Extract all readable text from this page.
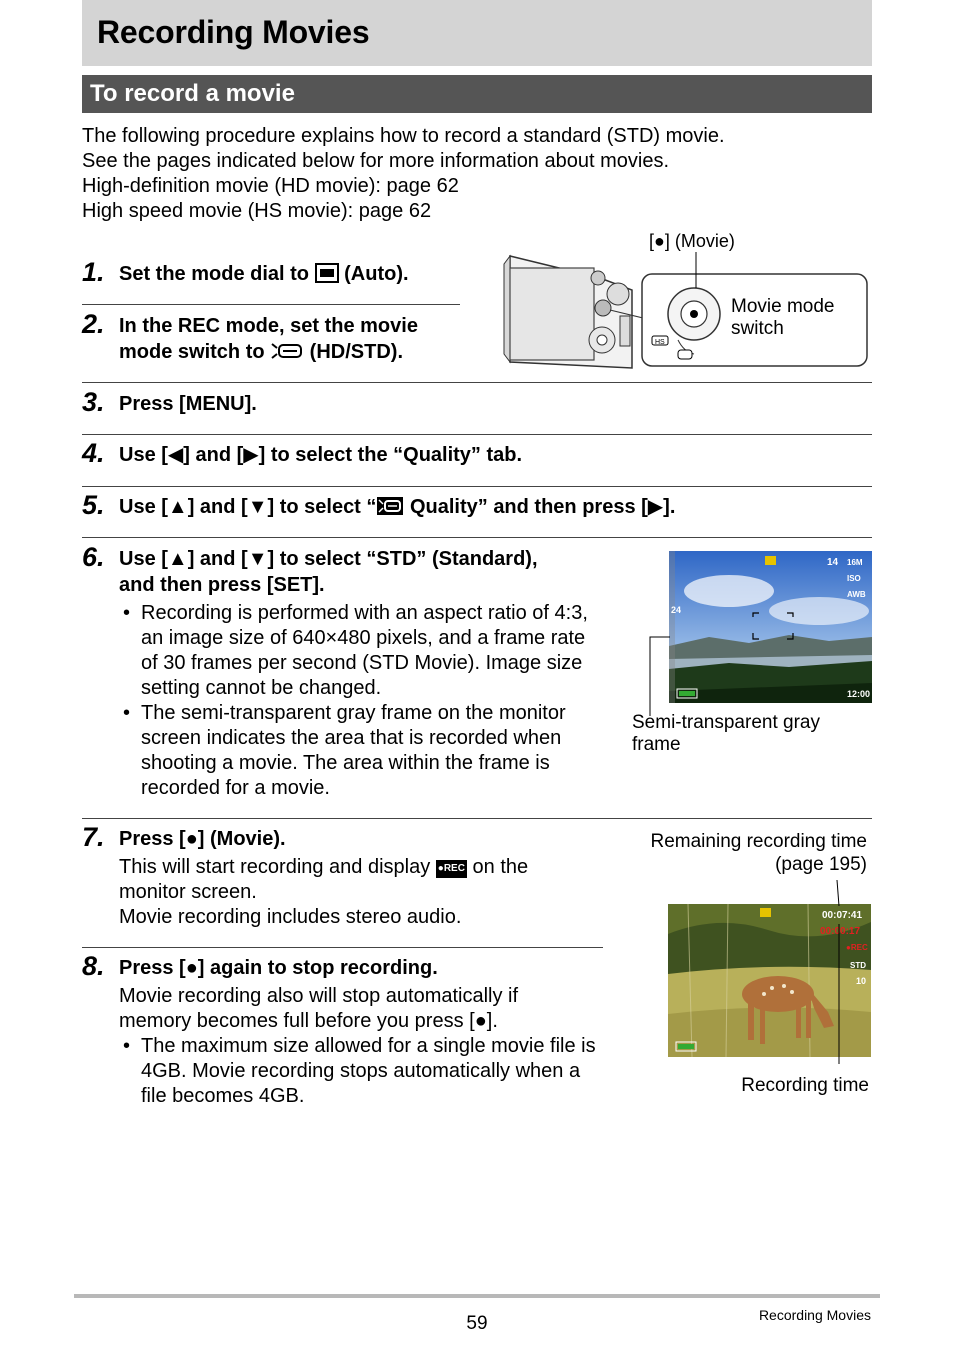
Recording Movies
To record a movie
The following procedure explains how to record a standard (STD) movie.
See the pages indicated below for more information about movies.
High-definition movie (HD movie): page 62
High speed movie (HS movie): page 62
1. Set the mode dial to
(Auto).
2. In the REC mode, set the movie
mode switch to  (HD/STD).
[●] (Movie)
HS
Movie mode
switch
3. Press [MENU].
4. Use [◀] and [▶] to select the “Quality” tab.
5. Use [▲] and [▼] to select “ Quality” and then press [▶].
6. Use [▲] and [▼] to select “STD” (Standard),
and then press [SET].
• Recording is performed with an aspect ratio of 4:3, an image size of 640×480 pixels, and a frame rate of 30 frames per second (STD Movie). Image size setting cannot be changed.
• The semi-transparent gray frame on the monitor screen indicates the area that is recorded when shooting a movie. The area within the frame is recorded for a movie.
14 16M
ISO
AWB
24
12:00
Semi-transparent gray
frame
7. Press [●] (Movie).
This will start recording and display ●REC on the
monitor screen.
Movie recording includes stereo audio.
8. Press [●] again to stop recording.
Movie recording also will stop automatically if
memory becomes full before you press [●].
• The maximum size allowed for a single movie file is 4GB. Movie recording stops automatically when a file becomes 4GB.
Remaining recording time
(page 195)
00:07:41
00:00:17
●REC
STD
10
Recording time
59	Recording Movies
